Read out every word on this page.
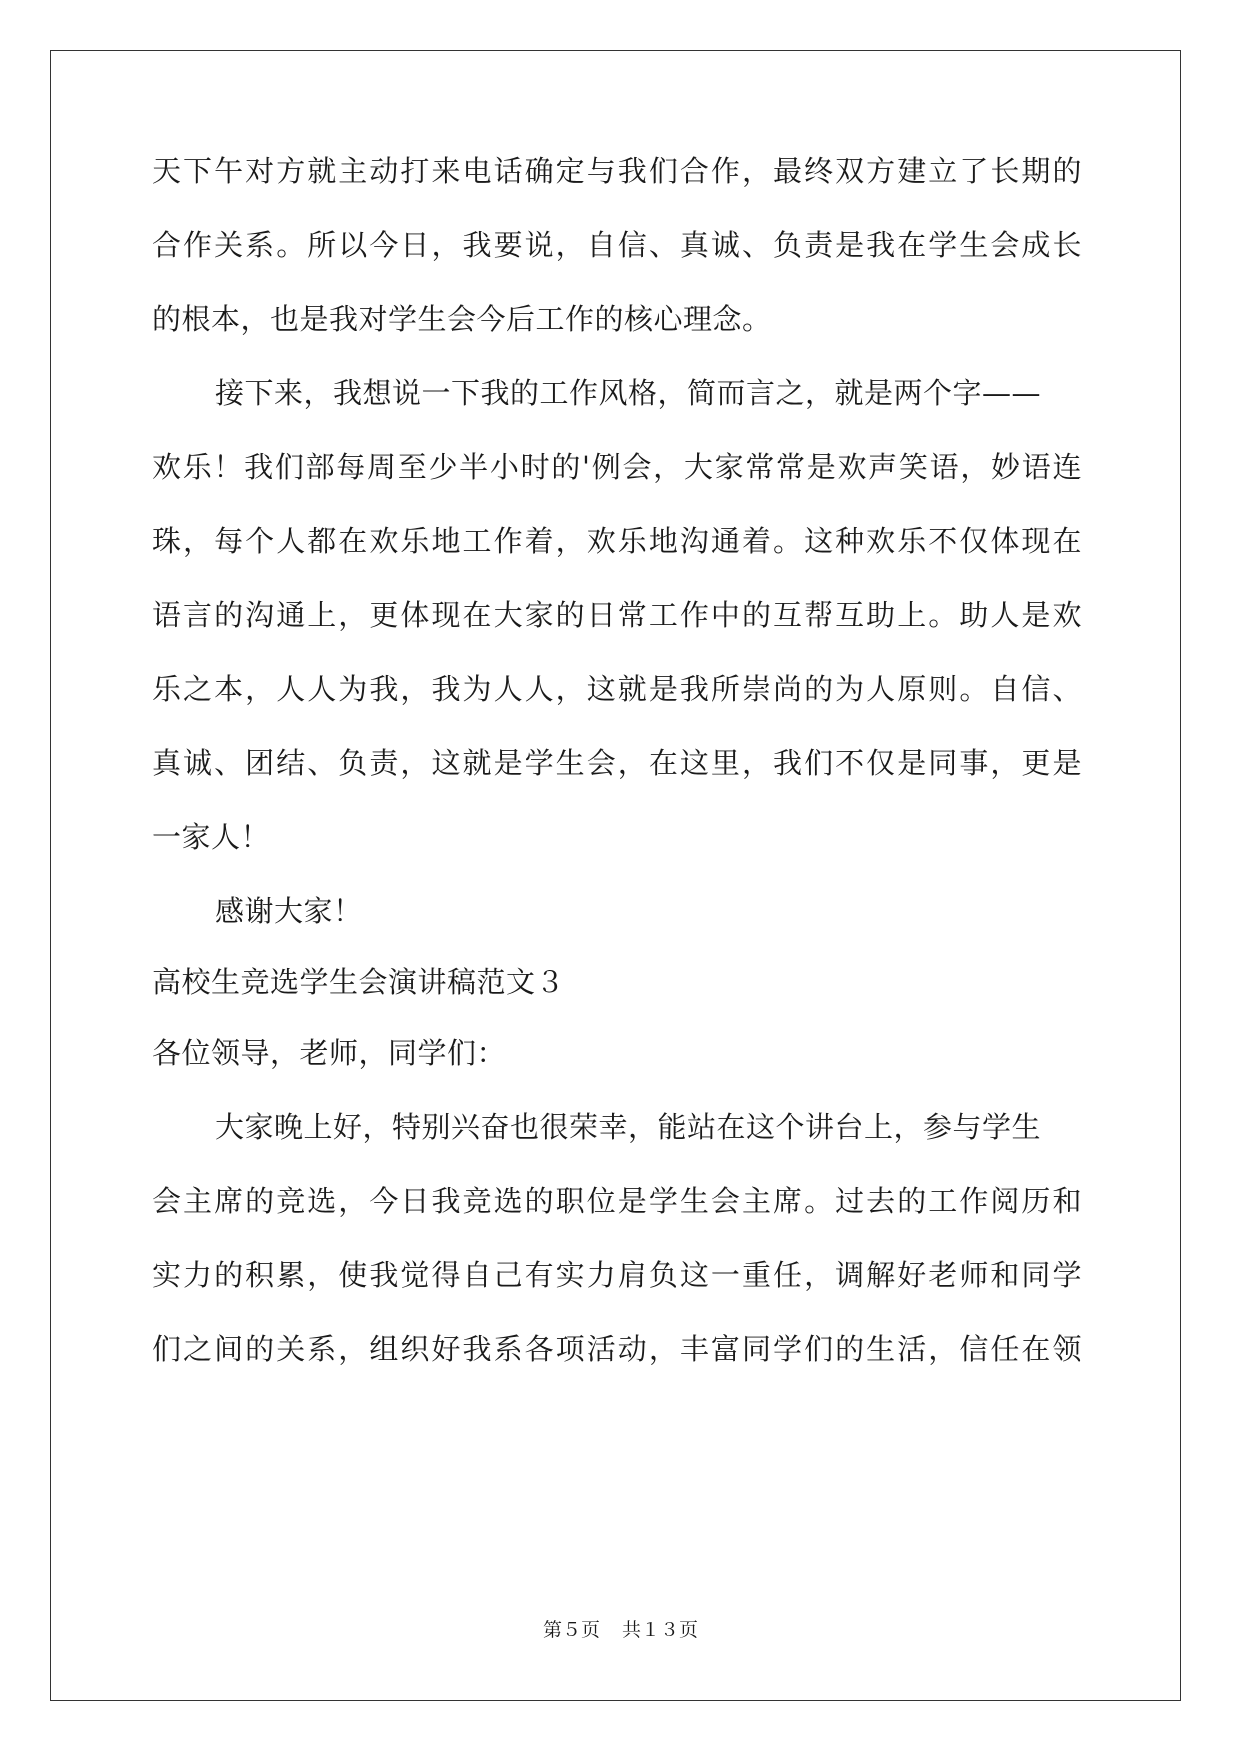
天下午对方就主动打来电话确定与我们合作，最终双方建立了长期的
合作关系。所以今日，我要说，自信、真诚、负责是我在学生会成长
的根本，也是我对学生会今后工作的核心理念。
接下来，我想说一下我的工作风格，简而言之，就是两个字——
欢乐！我们部每周至少半小时的'例会，大家常常是欢声笑语，妙语连
珠，每个人都在欢乐地工作着，欢乐地沟通着。这种欢乐不仅体现在
语言的沟通上，更体现在大家的日常工作中的互帮互助上。助人是欢
乐之本，人人为我，我为人人，这就是我所崇尚的为人原则。自信、
真诚、团结、负责，这就是学生会，在这里，我们不仅是同事，更是
一家人！
感谢大家！
高校生竞选学生会演讲稿范文３
各位领导，老师，同学们：
大家晚上好，特别兴奋也很荣幸，能站在这个讲台上，参与学生
会主席的竞选，今日我竞选的职位是学生会主席。过去的工作阅历和
实力的积累，使我觉得自己有实力肩负这一重任，调解好老师和同学
们之间的关系，组织好我系各项活动，丰富同学们的生活，信任在领
第５页 共１３页
